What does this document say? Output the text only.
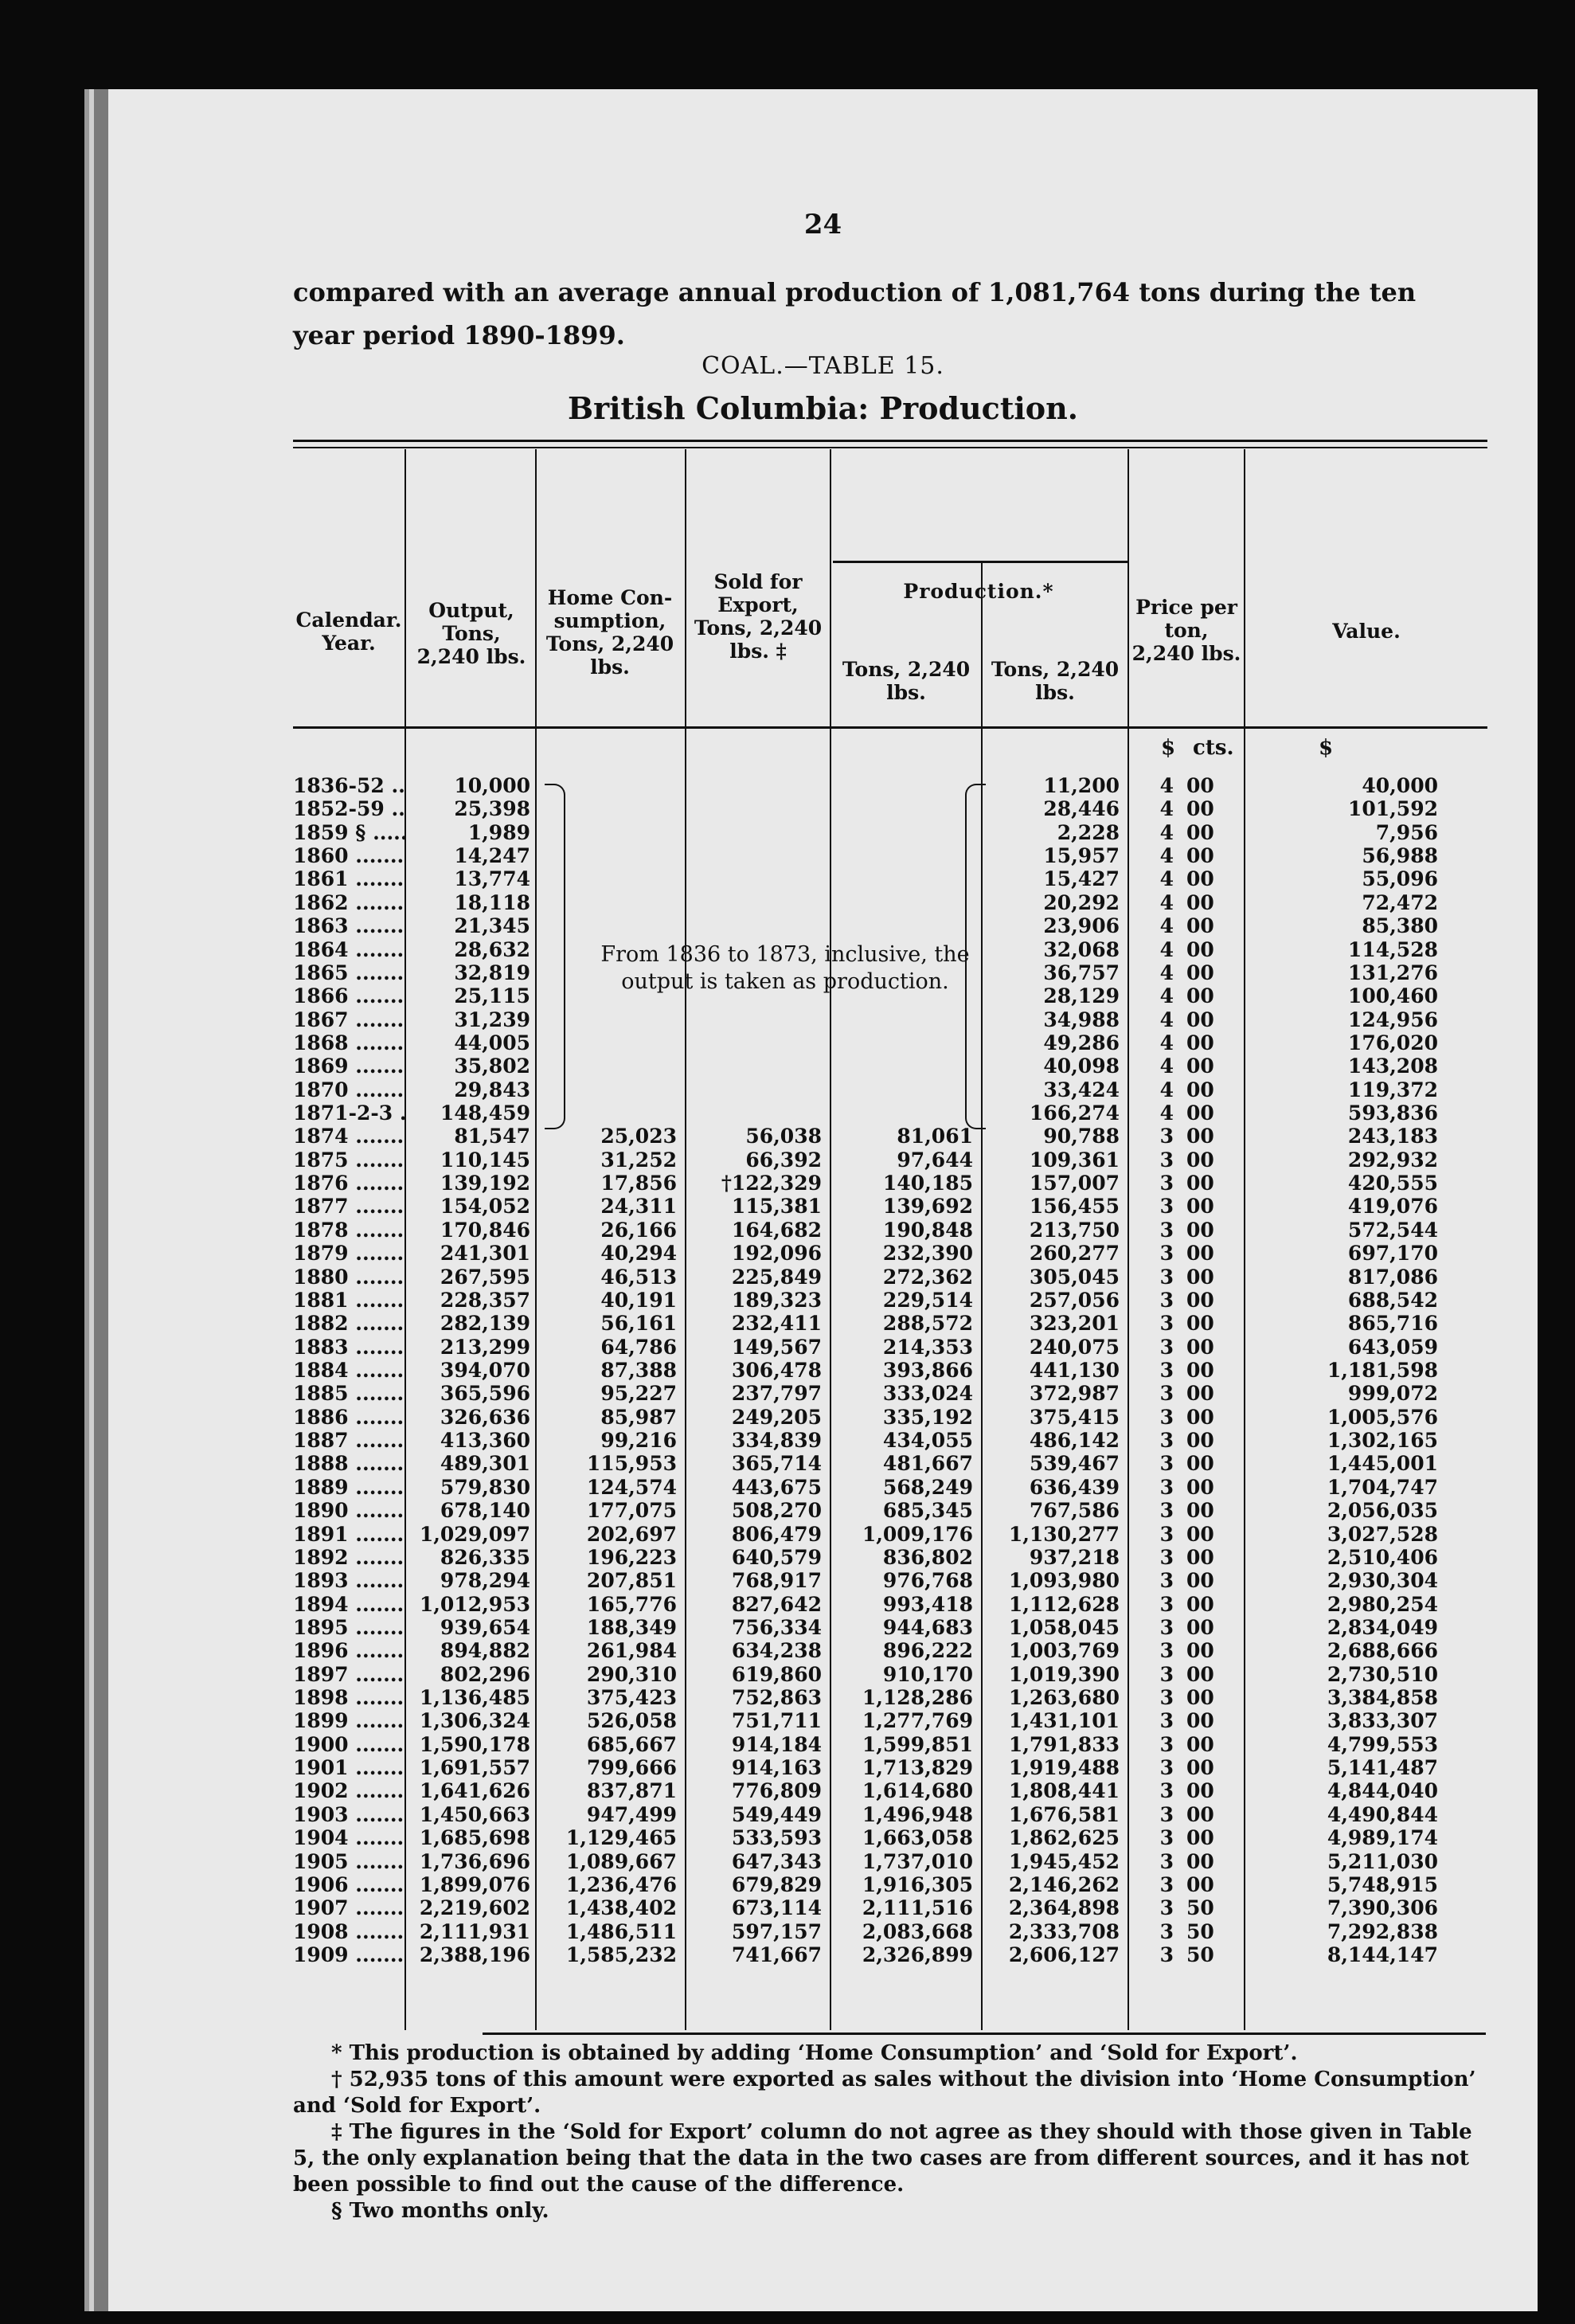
24
compared with an average annual production of 1,081,764 tons during the ten year period 1890-1899.
COAL.—TABLE 15.
British Columbia: Production.
Calendar. Year.
Output, Tons, 2,240 lbs.
Home Con- sumption, Tons, 2,240 lbs.
Sold for Export, Tons, 2,240 lbs. ‡
Production.*
Tons, 2,240 lbs.
Tons, 2,240 lbs.
Price per ton, 2,240 lbs.
Value.
$ cts.	$
From 1836 to 1873, inclusive, the output is taken as production.
1836-52 .....
1852-59 .....
1859 § .....
1860 .....
1861 .....
1862 .....
1863 .....
1864 .....
1865 .....
1866 .....
1867 .....
1868 .....
1869 .....
1870 .....
1871-2-3 .....
1874 .....
1875 .....
1876 .....
1877 .....
1878 .....
1879 .....
1880 .....
1881 .....
1882 .....
1883 .....
1884 .....
1885 .....
1886 .....
1887 .....
1888 .....
1889 .....
1890 .....
1891 .....
1892 .....
1893 .....
1894 .....
1895 .....
1896 .....
1897 .....
1898 .....
1899 .....
1900 .....
1901 .....
1902 .....
1903 .....
1904 .....
1905 .....
1906 .....
1907 .....
1908 .....
1909 .....
10,000
25,398
1,989
14,247
13,774
18,118
21,345
28,632
32,819
25,115
31,239
44,005
35,802
29,843
148,459
81,547
110,145
139,192
154,052
170,846
241,301
267,595
228,357
282,139
213,299
394,070
365,596
326,636
413,360
489,301
579,830
678,140
1,029,097
826,335
978,294
1,012,953
939,654
894,882
802,296
1,136,485
1,306,324
1,590,178
1,691,557
1,641,626
1,450,663
1,685,698
1,736,696
1,899,076
2,219,602
2,111,931
2,388,196
25,023
31,252
17,856
24,311
26,166
40,294
46,513
40,191
56,161
64,786
87,388
95,227
85,987
99,216
115,953
124,574
177,075
202,697
196,223
207,851
165,776
188,349
261,984
290,310
375,423
526,058
685,667
799,666
837,871
947,499
1,129,465
1,089,667
1,236,476
1,438,402
1,486,511
1,585,232
56,038
66,392
†122,329
115,381
164,682
192,096
225,849
189,323
232,411
149,567
306,478
237,797
249,205
334,839
365,714
443,675
508,270
806,479
640,579
768,917
827,642
756,334
634,238
619,860
752,863
751,711
914,184
914,163
776,809
549,449
533,593
647,343
679,829
673,114
597,157
741,667
81,061
97,644
140,185
139,692
190,848
232,390
272,362
229,514
288,572
214,353
393,866
333,024
335,192
434,055
481,667
568,249
685,345
1,009,176
836,802
976,768
993,418
944,683
896,222
910,170
1,128,286
1,277,769
1,599,851
1,713,829
1,614,680
1,496,948
1,663,058
1,737,010
1,916,305
2,111,516
2,083,668
2,326,899
11,200
28,446
2,228
15,957
15,427
20,292
23,906
32,068
36,757
28,129
34,988
49,286
40,098
33,424
166,274
90,788
109,361
157,007
156,455
213,750
260,277
305,045
257,056
323,201
240,075
441,130
372,987
375,415
486,142
539,467
636,439
767,586
1,130,277
937,218
1,093,980
1,112,628
1,058,045
1,003,769
1,019,390
1,263,680
1,431,101
1,791,833
1,919,488
1,808,441
1,676,581
1,862,625
1,945,452
2,146,262
2,364,898
2,333,708
2,606,127
4
4
4
4
4
4
4
4
4
4
4
4
4
4
4
3
3
3
3
3
3
3
3
3
3
3
3
3
3
3
3
3
3
3
3
3
3
3
3
3
3
3
3
3
3
3
3
3
3
3
3
00
00
00
00
00
00
00
00
00
00
00
00
00
00
00
00
00
00
00
00
00
00
00
00
00
00
00
00
00
00
00
00
00
00
00
00
00
00
00
00
00
00
00
00
00
00
00
00
50
50
50
40,000
101,592
7,956
56,988
55,096
72,472
85,380
114,528
131,276
100,460
124,956
176,020
143,208
119,372
593,836
243,183
292,932
420,555
419,076
572,544
697,170
817,086
688,542
865,716
643,059
1,181,598
999,072
1,005,576
1,302,165
1,445,001
1,704,747
2,056,035
3,027,528
2,510,406
2,930,304
2,980,254
2,834,049
2,688,666
2,730,510
3,384,858
3,833,307
4,799,553
5,141,487
4,844,040
4,490,844
4,989,174
5,211,030
5,748,915
7,390,306
7,292,838
8,144,147

* This production is obtained by adding ‘Home Consumption’ and ‘Sold for Export’.

† 52,935 tons of this amount were exported as sales without the division into ‘Home Consumption’ and ‘Sold for Export’.

‡ The figures in the ‘Sold for Export’ column do not agree as they should with those given in Table 5, the only explanation being that the data in the two cases are from different sources, and it has not been possible to find out the cause of the difference.

§ Two months only.
